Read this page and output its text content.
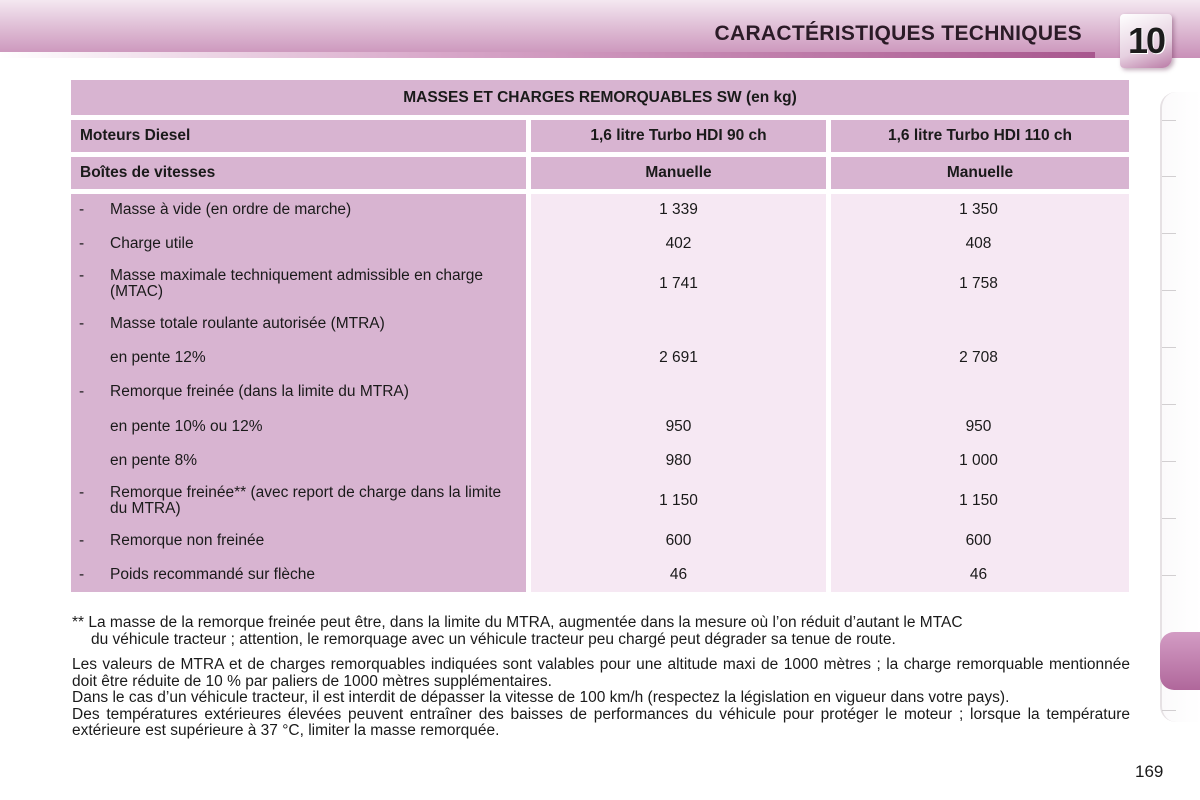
CARACTÉRISTIQUES TECHNIQUES 10
MASSES ET CHARGES REMORQUABLES SW (en kg)
Moteurs Diesel	1,6 litre Turbo HDI 90 ch	1,6 litre Turbo HDI 110 ch
Boîtes de vitesses	Manuelle	Manuelle
- Masse à vide (en ordre de marche)	1 339	1 350
- Charge utile	402	408
- Masse maximale techniquement admissible en charge (MTAC)	1 741	1 758
- Masse totale roulante autorisée (MTRA)
en pente 12%	2 691	2 708
- Remorque freinée (dans la limite du MTRA)
en pente 10% ou 12%	950	950
en pente 8%	980	1 000
- Remorque freinée** (avec report de charge dans la limite du MTRA)	1 150	1 150
- Remorque non freinée	600	600
- Poids recommandé sur flèche	46	46
** La masse de la remorque freinée peut être, dans la limite du MTRA, augmentée dans la mesure où l’on réduit d’autant le MTAC
du véhicule tracteur ; attention, le remorquage avec un véhicule tracteur peu chargé peut dégrader sa tenue de route.

Les valeurs de MTRA et de charges remorquables indiquées sont valables pour une altitude maxi de 1000 mètres ; la charge remorquable mentionnée doit être réduite de 10 % par paliers de 1000 mètres supplémentaires.

Dans le cas d’un véhicule tracteur, il est interdit de dépasser la vitesse de 100 km/h (respectez la législation en vigueur dans votre pays).

Des températures extérieures élevées peuvent entraîner des baisses de performances du véhicule pour protéger le moteur ; lorsque la température extérieure est supérieure à 37 °C, limiter la masse remorquée.

169
